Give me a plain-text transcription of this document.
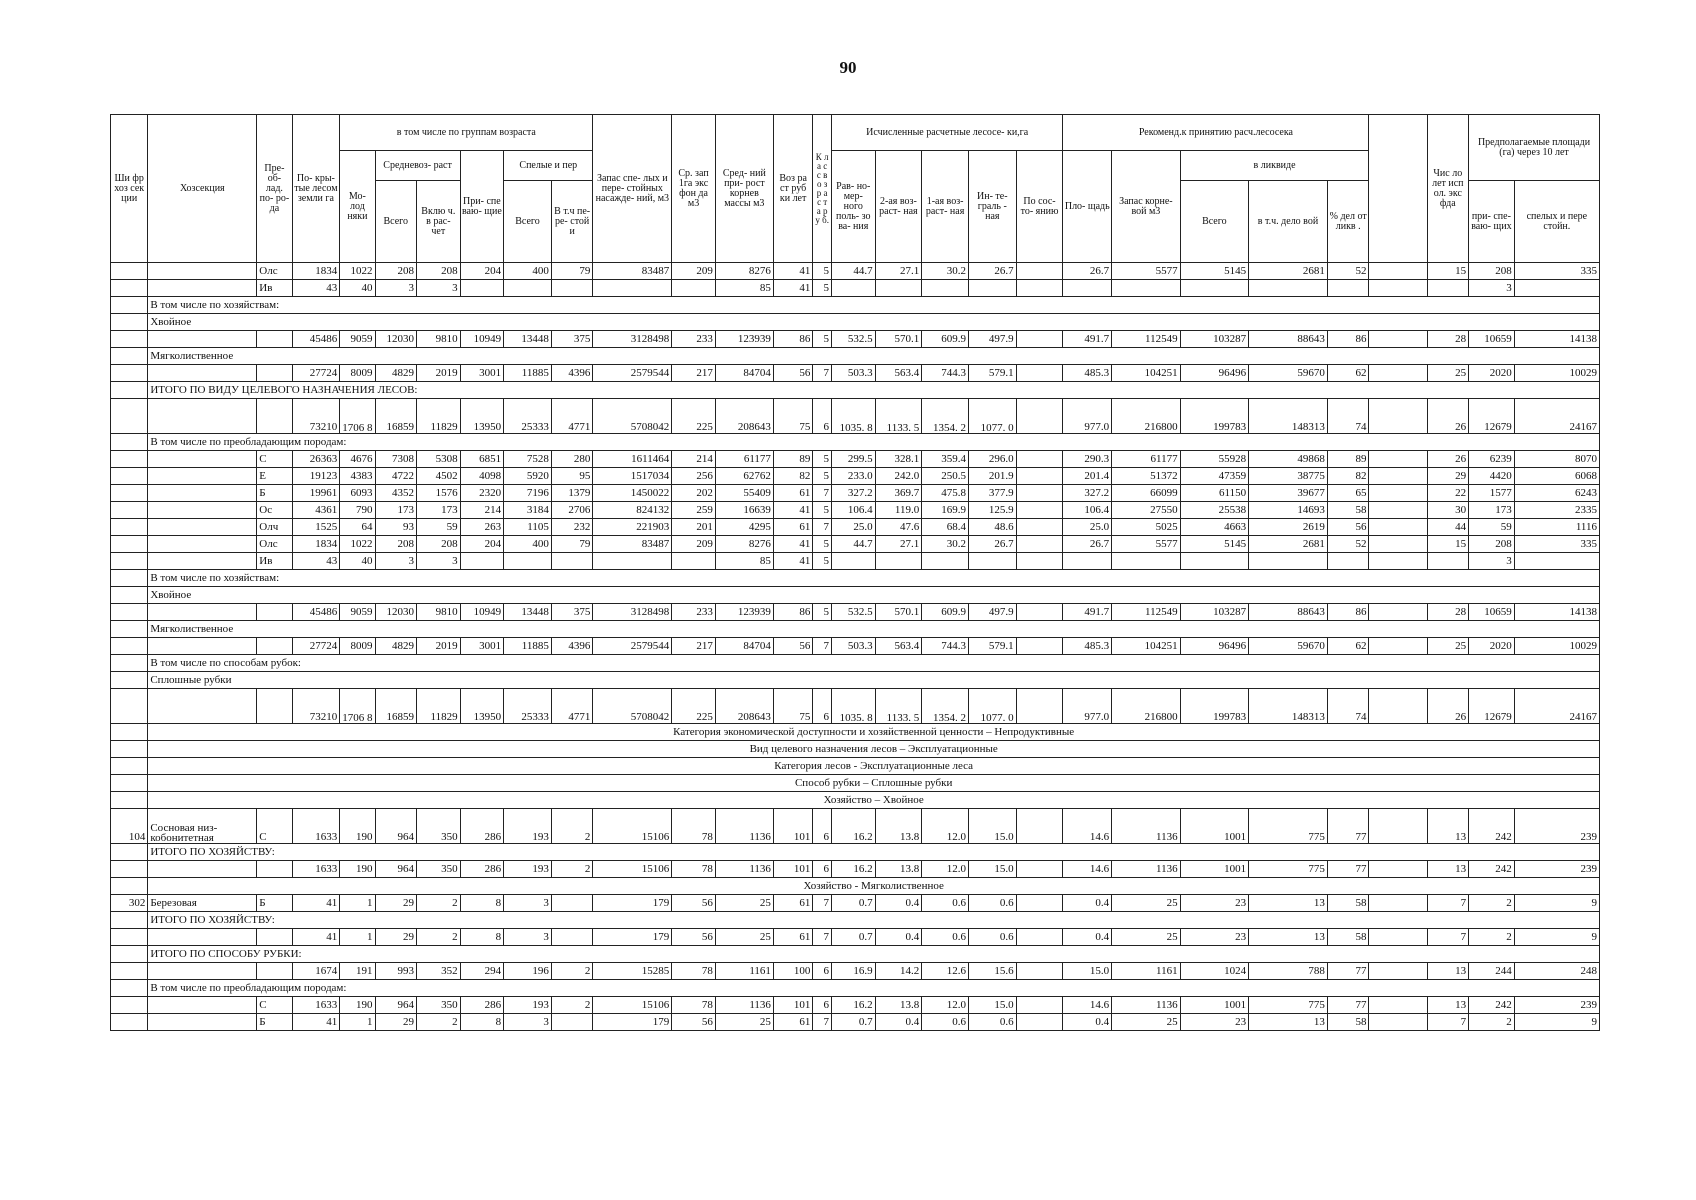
90
Ши фр хоз сек ции	Хозсекция	Пре- об- лад. по- ро- да	По- кры- тые лесом земли га	в том числе по группам возраста						Запас спе- лых и пере- стойных насажде- ний, м3	Ср. зап 1га экс фон да м3	Сред- ний при- рост корнев массы м3	Воз ра ст руб ки лет	К л а с с в о з р а с т а р у б.	Исчисленные расчетные лесосе- ки,га					Рекоменд.к принятию расч.лесосека						Чис ло лет исп ол. экс фда	Предполагаемые площади (га) через 10 лет	
				Мо- лод няки	Средневоз- раст		При- спе ваю- щие	Спелые и пер							Рав- но- мер- ного поль- зо ва- ния	2-ая воз- раст- ная	1-ая воз- раст- ная	Ин- те- граль - ная	По сос- то- янию	Пло- щадь	Запас корне- вой м3	в ликвиде						
					Всего	Вклю ч. в рас- чет		Всего	В т.ч пе- ре- стой и													Всего	в т.ч. дело вой	% дел от ликв .			при- спе- ваю- щих	спелых и пере стойн.
		Олс	1834	1022	208	208	204	400	79	83487	209	8276	41	5	44.7	27.1	30.2	26.7		26.7	5577	5145	2681	52		15	208	335
		Ив	43	40	3	3						85	41	5													3	
	В том числе по хозяйствам:																											
	Хвойное																											
			45486	9059	12030	9810	10949	13448	375	3128498	233	123939	86	5	532.5	570.1	609.9	497.9		491.7	112549	103287	88643	86		28	10659	14138
	Мягколиственное																											
			27724	8009	4829	2019	3001	11885	4396	2579544	217	84704	56	7	503.3	563.4	744.3	579.1		485.3	104251	96496	59670	62		25	2020	10029
	ИТОГО ПО ВИДУ ЦЕЛЕВОГО НАЗНАЧЕНИЯ ЛЕСОВ:																											
			73210	1706 8	16859	11829	13950	25333	4771	5708042	225	208643	75	6	1035. 8	1133. 5	1354. 2	1077. 0		977.0	216800	199783	148313	74		26	12679	24167
	В том числе по преобладающим породам:																											
		С	26363	4676	7308	5308	6851	7528	280	1611464	214	61177	89	5	299.5	328.1	359.4	296.0		290.3	61177	55928	49868	89		26	6239	8070
		Е	19123	4383	4722	4502	4098	5920	95	1517034	256	62762	82	5	233.0	242.0	250.5	201.9		201.4	51372	47359	38775	82		29	4420	6068
		Б	19961	6093	4352	1576	2320	7196	1379	1450022	202	55409	61	7	327.2	369.7	475.8	377.9		327.2	66099	61150	39677	65		22	1577	6243
		Ос	4361	790	173	173	214	3184	2706	824132	259	16639	41	5	106.4	119.0	169.9	125.9		106.4	27550	25538	14693	58		30	173	2335
		Олч	1525	64	93	59	263	1105	232	221903	201	4295	61	7	25.0	47.6	68.4	48.6		25.0	5025	4663	2619	56		44	59	1116
		Олс	1834	1022	208	208	204	400	79	83487	209	8276	41	5	44.7	27.1	30.2	26.7		26.7	5577	5145	2681	52		15	208	335
		Ив	43	40	3	3						85	41	5													3	
	В том числе по хозяйствам:																											
	Хвойное																											
			45486	9059	12030	9810	10949	13448	375	3128498	233	123939	86	5	532.5	570.1	609.9	497.9		491.7	112549	103287	88643	86		28	10659	14138
	Мягколиственное																											
			27724	8009	4829	2019	3001	11885	4396	2579544	217	84704	56	7	503.3	563.4	744.3	579.1		485.3	104251	96496	59670	62		25	2020	10029
	В том числе по способам рубок:																											
	Сплошные рубки																											
			73210	1706 8	16859	11829	13950	25333	4771	5708042	225	208643	75	6	1035. 8	1133. 5	1354. 2	1077. 0		977.0	216800	199783	148313	74		26	12679	24167
	Категория экономической доступности и хозяйственной ценности – Непродуктивные																											
	Вид целевого назначения лесов – Эксплуатационные																											
	Категория лесов - Эксплуатационные леса																											
	Способ рубки – Сплошные рубки																											
	Хозяйство – Хвойное																											
104	Сосновая низ- кобонитетная	С	1633	190	964	350	286	193	2	15106	78	1136	101	6	16.2	13.8	12.0	15.0		14.6	1136	1001	775	77		13	242	239
	ИТОГО ПО ХОЗЯЙСТВУ:																											
			1633	190	964	350	286	193	2	15106	78	1136	101	6	16.2	13.8	12.0	15.0		14.6	1136	1001	775	77		13	242	239
	Хозяйство - Мягколиственное																											
302	Березовая	Б	41	1	29	2	8	3		179	56	25	61	7	0.7	0.4	0.6	0.6		0.4	25	23	13	58		7	2	9
	ИТОГО ПО ХОЗЯЙСТВУ:																											
			41	1	29	2	8	3		179	56	25	61	7	0.7	0.4	0.6	0.6		0.4	25	23	13	58		7	2	9
	ИТОГО ПО СПОСОБУ РУБКИ:																											
			1674	191	993	352	294	196	2	15285	78	1161	100	6	16.9	14.2	12.6	15.6		15.0	1161	1024	788	77		13	244	248
	В том числе по преобладающим породам:																											
		С	1633	190	964	350	286	193	2	15106	78	1136	101	6	16.2	13.8	12.0	15.0		14.6	1136	1001	775	77		13	242	239
		Б	41	1	29	2	8	3		179	56	25	61	7	0.7	0.4	0.6	0.6		0.4	25	23	13	58		7	2	9
